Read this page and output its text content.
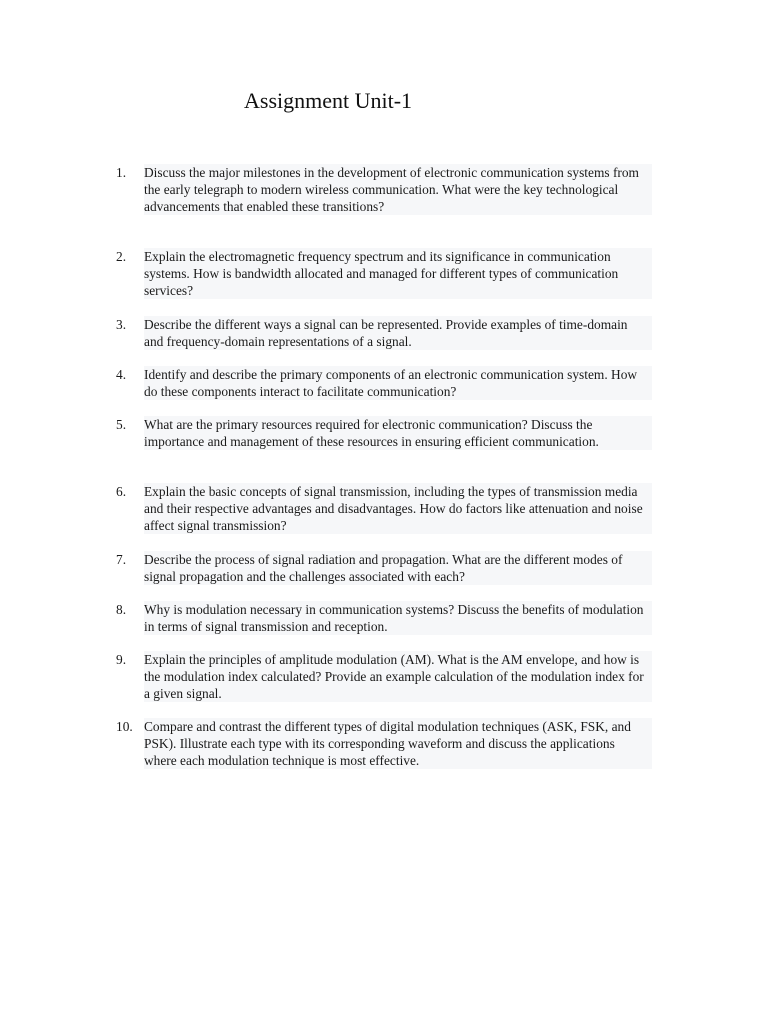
Assignment Unit-1
1.	Discuss the major milestones in the development of electronic communication systems from the early telegraph to modern wireless communication. What were the key technological advancements that enabled these transitions?
2.	Explain the electromagnetic frequency spectrum and its significance in communication systems. How is bandwidth allocated and managed for different types of communication services?
3.	Describe the different ways a signal can be represented. Provide examples of time-domain and frequency-domain representations of a signal.
4.	Identify and describe the primary components of an electronic communication system. How do these components interact to facilitate communication?
5.	What are the primary resources required for electronic communication? Discuss the importance and management of these resources in ensuring efficient communication.
6.	Explain the basic concepts of signal transmission, including the types of transmission media and their respective advantages and disadvantages. How do factors like attenuation and noise affect signal transmission?
7.	Describe the process of signal radiation and propagation. What are the different modes of signal propagation and the challenges associated with each?
8.	Why is modulation necessary in communication systems? Discuss the benefits of modulation in terms of signal transmission and reception.
9.	Explain the principles of amplitude modulation (AM). What is the AM envelope, and how is the modulation index calculated? Provide an example calculation of the modulation index for a given signal.
10. Compare and contrast the different types of digital modulation techniques (ASK, FSK, and PSK). Illustrate each type with its corresponding waveform and discuss the applications where each modulation technique is most effective.
